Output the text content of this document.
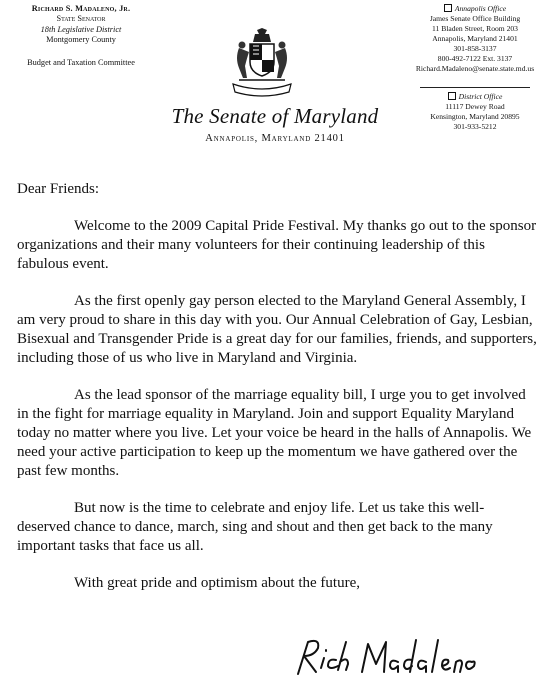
Richard S. Madaleno, Jr.
State Senator
18th Legislative District
Montgomery County
Budget and Taxation Committee
The Senate of Maryland
Annapolis, Maryland 21401
Annapolis Office
James Senate Office Building
11 Bladen Street, Room 203
Annapolis, Maryland 21401
301-858-3137
800-492-7122 Ext. 3137
Richard.Madaleno@senate.state.md.us
District Office
11117 Dewey Road
Kensington, Maryland 20895
301-933-5212

Dear Friends:

Welcome to the 2009 Capital Pride Festival. My thanks go out to the sponsor organizations and their many volunteers for their continuing leadership of this fabulous event.

As the first openly gay person elected to the Maryland General Assembly, I am very proud to share in this day with you. Our Annual Celebration of Gay, Lesbian, Bisexual and Transgender Pride is a great day for our families, friends, and supporters, including those of us who live in Maryland and Virginia.

As the lead sponsor of the marriage equality bill, I urge you to get involved in the fight for marriage equality in Maryland. Join and support Equality Maryland today no matter where you live. Let your voice be heard in the halls of Annapolis. We need your active participation to keep up the momentum we have gathered over the past few months.

But now is the time to celebrate and enjoy life. Let us take this well-deserved chance to dance, march, sing and shout and then get back to the many important tasks that face us all.

With great pride and optimism about the future,
